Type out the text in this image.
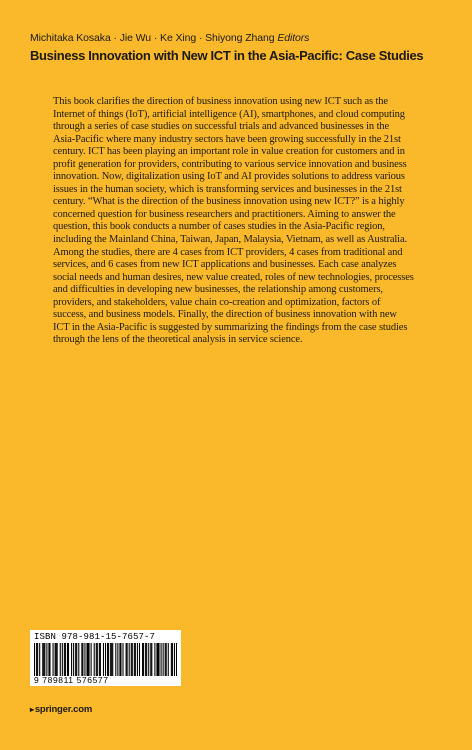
Michitaka Kosaka · Jie Wu · Ke Xing · Shiyong Zhang Editors
Business Innovation with New ICT in the Asia-Pacific: Case Studies

This book clarifies the direction of business innovation using new ICT such as the
Internet of things (IoT), artificial intelligence (AI), smartphones, and cloud computing
through a series of case studies on successful trials and advanced businesses in the
Asia-Pacific where many industry sectors have been growing successfully in the 21st
century. ICT has been playing an important role in value creation for customers and in
profit generation for providers, contributing to various service innovation and business
innovation. Now, digitalization using IoT and AI provides solutions to address various
issues in the human society, which is transforming services and businesses in the 21st
century. “What is the direction of the business innovation using new ICT?” is a highly
concerned question for business researchers and practitioners. Aiming to answer the
question, this book conducts a number of cases studies in the Asia-Pacific region,
including the Mainland China, Taiwan, Japan, Malaysia, Vietnam, as well as Australia.
Among the studies, there are 4 cases from ICT providers, 4 cases from traditional and
services, and 6 cases from new ICT applications and businesses. Each case analyzes
social needs and human desires, new value created, roles of new technologies, processes
and difficulties in developing new businesses, the relationship among customers,
providers, and stakeholders, value chain co-creation and optimization, factors of
success, and business models. Finally, the direction of business innovation with new
ICT in the Asia-Pacific is suggested by summarizing the findings from the case studies
through the lens of the theoretical analysis in service science.

ISBN 978-981-15-7657-7
9 789811 576577
▸springer.com
